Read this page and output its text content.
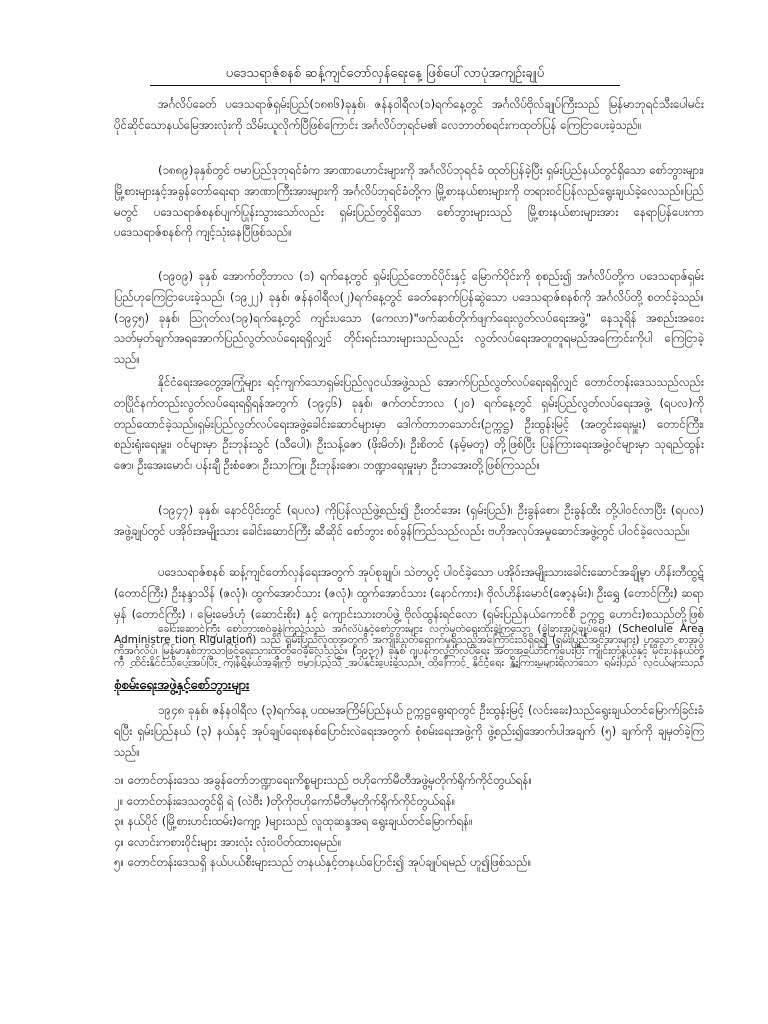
ပဒေသရာဇ်စနစ် ဆန့်ကျင်တော်လှန်ရေးနေ့ ဖြစ်ပေါ်လာပုံအကျဉ်းချုပ်
အင်္ဂလိပ်ခေတ် ပဒေသရာဇ်ရှမ်းပြည်(၁၈၈၆)ခုနှစ်၊ ဇန်နဝါရီလ(၁)ရက်နေ့တွင် အင်္ဂလိပ်ဗိုလ်ချုပ်ကြီးသည် မြန်မာဘုရင်သီးပေါမင်း ပိုင်ဆိုင်သောနယ်မြေအားလုံးကို သိမ်းယူလိုက်ပြီဖြစ်ကြောင်း အင်္ဂလိပ်ဘုရင်မ၏ လေဘာတ်စရင်းကထုတ်ပြန် ကြေငြာပေးခဲ့သည်။
(၁၈၈၉)ခုနှစ်တွင် ဗမာပြည်ဒုဘုရင်ခံက အာဏာဟောင်းများကို အင်္ဂလိပ်ဘုရင်ခံ ထုတ်ပြန်ခဲ့ပြီး ရှမ်းပြည်နယ်တွင်ရှိသော စော်ဘွားများ၊ မြို့စားများနှင့်အခွန်တော်ရေးရာ အာဏာကြီးအားများကို အင်္ဂလိပ်ဘုရင်ခံတို့က မြို့စားနယ်စားများကို တရားဝင်ပြန်လည်ရွေးချယ်ခဲ့လေသည်။ပြည်မတွင် ပဒေသရာဇ်စနစ်ပျက်ပြုန်းသွားသော်လည်း ရှမ်းပြည်တွင်ရှိသော စော်ဘွားများသည် မြို့စားနယ်စားများအား နေရာပြန်ပေးကာ ပဒေသရာဇ်စနစ်ကို ကျင့်သုံးနေပြီဖြစ်သည်။
(၁၉၀၉) ခုနှစ် အောက်တိုဘာလ (၁) ရက်နေ့တွင် ရှမ်းပြည်တောင်ပိုင်းနှင့် မြောက်ပိုင်းကို စုစည်း၍ အင်္ဂလိပ်တို့က ပဒေသရာဇ်ရှမ်းပြည်ဟုကြေငြာပေးခဲ့သည်၊ (၁၉၂၂) ခုနှစ်၊ ဇန်နဝါရီလ(၂)ရက်နေ့တွင် ခေတ်နောက်ပြန်ဆွဲသော ပဒေသရာဇ်စနစ်ကို အင်္ဂလိပ်တို့ စတင်ခဲ့သည်။ (၁၉၄၅) ခုနှစ်၊ ဩဂုတ်လ(၁၉)ရက်နေ့တွင် ကျင်းပသော (ကေလာ)"ဖက်ဆစ်တိုက်ဖျက်ရေးလွတ်လပ်ရေးအဖွဲ့" နေသူရိန် အစည်းအဝေးသတ်မှတ်ချက်အရအောက်ပြည်လွတ်လပ်ရေးရရှိလျှင် တိုင်းရင်းသားများသည်လည်း လွတ်လပ်ရေးအတူတူရမည်အကြောင်းကိုပါ ကြေငြာခဲ့သည်။
နိုင်ငံရေးအတွေ့အကြုံများ ရင့်ကျက်သောရှမ်းပြည်လူငယ်အဖွဲ့သည် အောက်ပြည်လွတ်လပ်ရေးရရှိလျှင် တောင်တန်းဒေသသည်လည်း တပြိုင်နက်တည်းလွတ်လပ်ရေးရရှိရန်အတွက် (၁၉၄၆) ခုနှစ်၊ ဇက်တင်ဘာလ (၂၀) ရက်နေ့တွင် ရှမ်းပြည်လွတ်လပ်ရေးအဖွဲ့ (ရပလ)ကိုတည်ထောင်ခဲ့သည်။ရှမ်းပြည်လွတ်လပ်ရေးအဖွဲ့ခေါင်းဆောင်များမှာ ဒေါက်တာဘသောင်း(ဥက္ကဋ္ဌ) ဦးထွန်းမြင့် (အတွင်းရေးမှူး) တောင်ကြီး၊ စည်းရုံးရေးမှူး၊ ဝင်များမှာ ဦးဘုန်းသွင် (သီပေါ)၊ ဦးသန့်ဇော (ဖိုးမိတ်)၊ ဦးစိတင် (နမ့်မတူ) တို့ဖြစ်ပြီး ပြန်ကြားရေးအဖွဲ့ဝင်များမှာ သုရည်ထွန်းဇော၊ ဦးအေးမောင်၊ ပန်းချီ ဦးစံဇော၊ ဦးသာကြူ၊ ဦးဘုန်းဇော၊ ဘဏ္ဍာရေးမှူးမှာ ဦးဘအေးတို့ဖြစ်ကြသည်။
(၁၉၄၇) ခုနှစ်၊ နောင်ပိုင်းတွင် (ရပလ) ကိုပြန်လည်ဖွဲ့စည်း၍ ဦးတင်အေး (ရှမ်းပြည်)၊ ဦးခွန်စော၊ ဦးခွန်ထီး တို့ပါဝင်လာပြီး (ရပလ) အဖွဲ့ချုပ်တွင် ပအိုဝ်းအမျိုးသား ခေါင်းဆောင်ကြီး ဆီဆိုင် စော်ဘွား စဝ်ခွန်ကြည်သည်လည်း ဗဟိုအလုပ်အမှုဆောင်အဖွဲ့တွင် ပါဝင်ခဲ့လေသည်။
ပဒေသရာဇ်စနစ် ဆန့်ကျင်တော်လှန်ရေးအတွက် အုပ်စုချုပ်၊ သဲတပွင့် ပါဝင်ခဲ့သော ပအိုဝ်းအမျိုးသားခေါင်းဆောင်အချို့မှာ ဟိန်းတီထွဋ် (တောင်ကြီး) ဦးနန္ဒာသိန် (ဇလုံ)၊ ထွက်အောင်သား (ဇလုံ)၊ ထွက်အောင်သား (နောင်ကား)၊ ဗိုလ်ဟိန်းမောင်(ဇော့နမ်း)၊ ဦးရွှေ (တောင်ကြီး) ဆရာမှန် (တောင်ကြီး) ၊ မြေးမေဒ်ဟုံ (ဆောင်းစိုး) နှင့် ကျောင်းသားတပ်ဖွဲ့ ဗိုလ်ထွန်းရင်လော (ရှမ်းပြည်နယ်ကောင်စီ ဥက္ကဋ္ဌ ဟောင်း)စသည်တို့ဖြစ်
ခေါင်းဆောင်ကြီး စော်ဘွားစဝ်ခွန်ကြည်သည် အင်္ဂလိပ်နှင့်စော်ဘွားများ လက်မှတ်ရေးထိုးခဲ့ကြသော (ခွဲခြားအုပ်ချုပ်ရေး) (Scheolule Area Administre tion Rigulation) သည် ရှမ်းပြည်လူထုအတွက် အကျိုးယုတ်ရောက်မှုရှိသည့်အကြောင်းသိရှိရ၍ (ရှမ်းပြည်အင်အားများ) ဟူသော စာအုပ်ကိုအင်္ဂလိပ်၊ မြန်မာနှစ်ဘာသာဖြင့်ရေးသားထုတ်ဝေခဲ့လေသည်။ (၁၉၃၇) ခုနှစ် ဂျပန်ကလွတ်လပ်ရေး အတုအယောင်ကိုပေးပြီး ကျိုင်းတုံနယ်နှင့် မိုင်းပန်နယ်တို့ကို ထိုင်းနိုင်ငံသို့ပေးအပ်ပြီး ကျန်ရှိနယ်အချို့ကို ဗမာပြည်သို့ အပ်နှင်းပေးခဲ့သည်။ ထို့ကြောင့် နိုင်ငံရေး နိုးကြားမှုများရှိလာသော ရှမ်းပြည် လူငယ်များသည်
စုံစမ်းရေးအဖွဲ့နှင့်စော်ဘွားများ
၁၉၄၈ ခုနှစ်၊ ဇန်နဝါရီလ (၃)ရက်နေ့ ပထမအကြိမ်ပြည်နယ် ဥက္ကဋ္ဌရွေးရာတွင် ဦးထွန်းမြင့် (လင်းခေး)သည်ရွေးချယ်တင်မြောက်ခြင်းခံရပြီး ရှမ်းပြည်နယ် (၃) နယ်နှင့် အုပ်ချုပ်ရေးစနစ်ပြောင်းလဲရေးအတွက် စုံစမ်းရေးအဖွဲ့ကို ဖွဲ့စည်း၍အောက်ပါအချက် (၅) ချက်ကို ချမှတ်ခဲ့ကြသည်။
၁။ တောင်တန်းဒေသ အခွန်တော်ဘဏ္ဍာရေးကိစ္စများသည် ဗဟိုကော်မီတီအဖွဲ့မှတိုက်ရိုက်ကိုင်တွယ်ရန်။
၂။ တောင်တန်းဒေသတွင်ရှိ ရဲ (လဲဗီး )တိုကိုဗဟိုကော်မီတီမှတိုက်ရိုက်ကိုင်တွယ်ရန်။
၃။ နယ်ပိုင် (မြို့စားဟင်းထမ်း)ကျော့ )များသည် လူထုဆန္ဒအရ ရွေးချယ်တင်မြောက်ရန်။
၄။ လောင်းကစားဝိုင်းများ အားလုံး လုံးဝပိတ်ထားရမည်။
၅။ တောင်တန်းဒေသရှိ နယ်ပယ်စီးများသည် တနယ်နှင့်တနယ်ပြောင်း၍ အုပ်ချုပ်ရမည် ဟူ၍ဖြစ်သည်။
